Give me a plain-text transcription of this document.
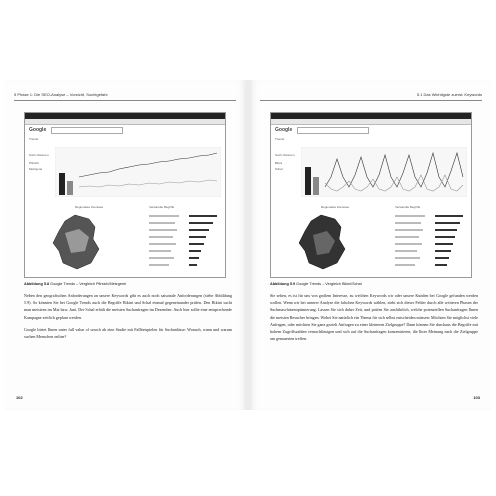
5 Phase 1: Die SEO-Analyse – Vorsicht, Suchtgefahr
Google
Trends
Such-Volumen
Pfirsich
Metzgerei
Regionales Interesse	Verwandte Begriffe
Abbildung 5.8 Google Trends – Vergleich Pfirsich/Metzgerei

Neben den geografischen Anforderungen an unsere Keywords gibt es auch noch saisonale Anforderungen (siehe Abbildung 5.9). So könnten Sie bei Google Trends auch die Begriffe Bikini und Schal einmal gegeneinander prüfen. Den Bikini sucht man meistens im Mai bzw. Juni. Der Schal erhält die meisten Suchanfragen im Dezember. Auch hier sollte eine entsprechende Kampagne zeitlich geplant werden.

Google bietet Ihnen unter full value of search ab eine Studie mit Fallbeispielen für Suchanlässe: Wonach, wann und warum suchen Menschen online?

102
5.1 Das Wichtigste zuerst: Keywords
Google
Trends
Such-Volumen
Bikini
Schal
Regionales Interesse	Verwandte Begriffe
Abbildung 5.9 Google Trends – Vergleich Bikini/Schal

Sie sehen, es ist für uns von großem Interesse, zu welchen Keywords wir oder unsere Kunden bei Google gefunden werden wollen. Wenn wir bei unserer Analyse die falschen Keywords wählen, zieht sich dieser Fehler durch alle weiteren Phasen der Suchmaschinenoptimierung. Lassen Sie sich daher Zeit, und prüfen Sie ausführlich, welche potenziellen Suchanfragen Ihnen die meisten Besucher bringen. Wobei Sie natürlich ein Thema für sich selbst entscheiden müssen: Möchten Sie möglichst viele Anfragen, oder möchten Sie ganz gezielt Anfragen zu einer kleineren Zielgruppe? Dann können Sie durchaus die Begriffe mit hohem Zugriffszahlen vernachlässigen und sich auf die Suchanfragen konzentrieren, die Ihrer Meinung nach die Zielgruppe am genauesten treffen.

103
